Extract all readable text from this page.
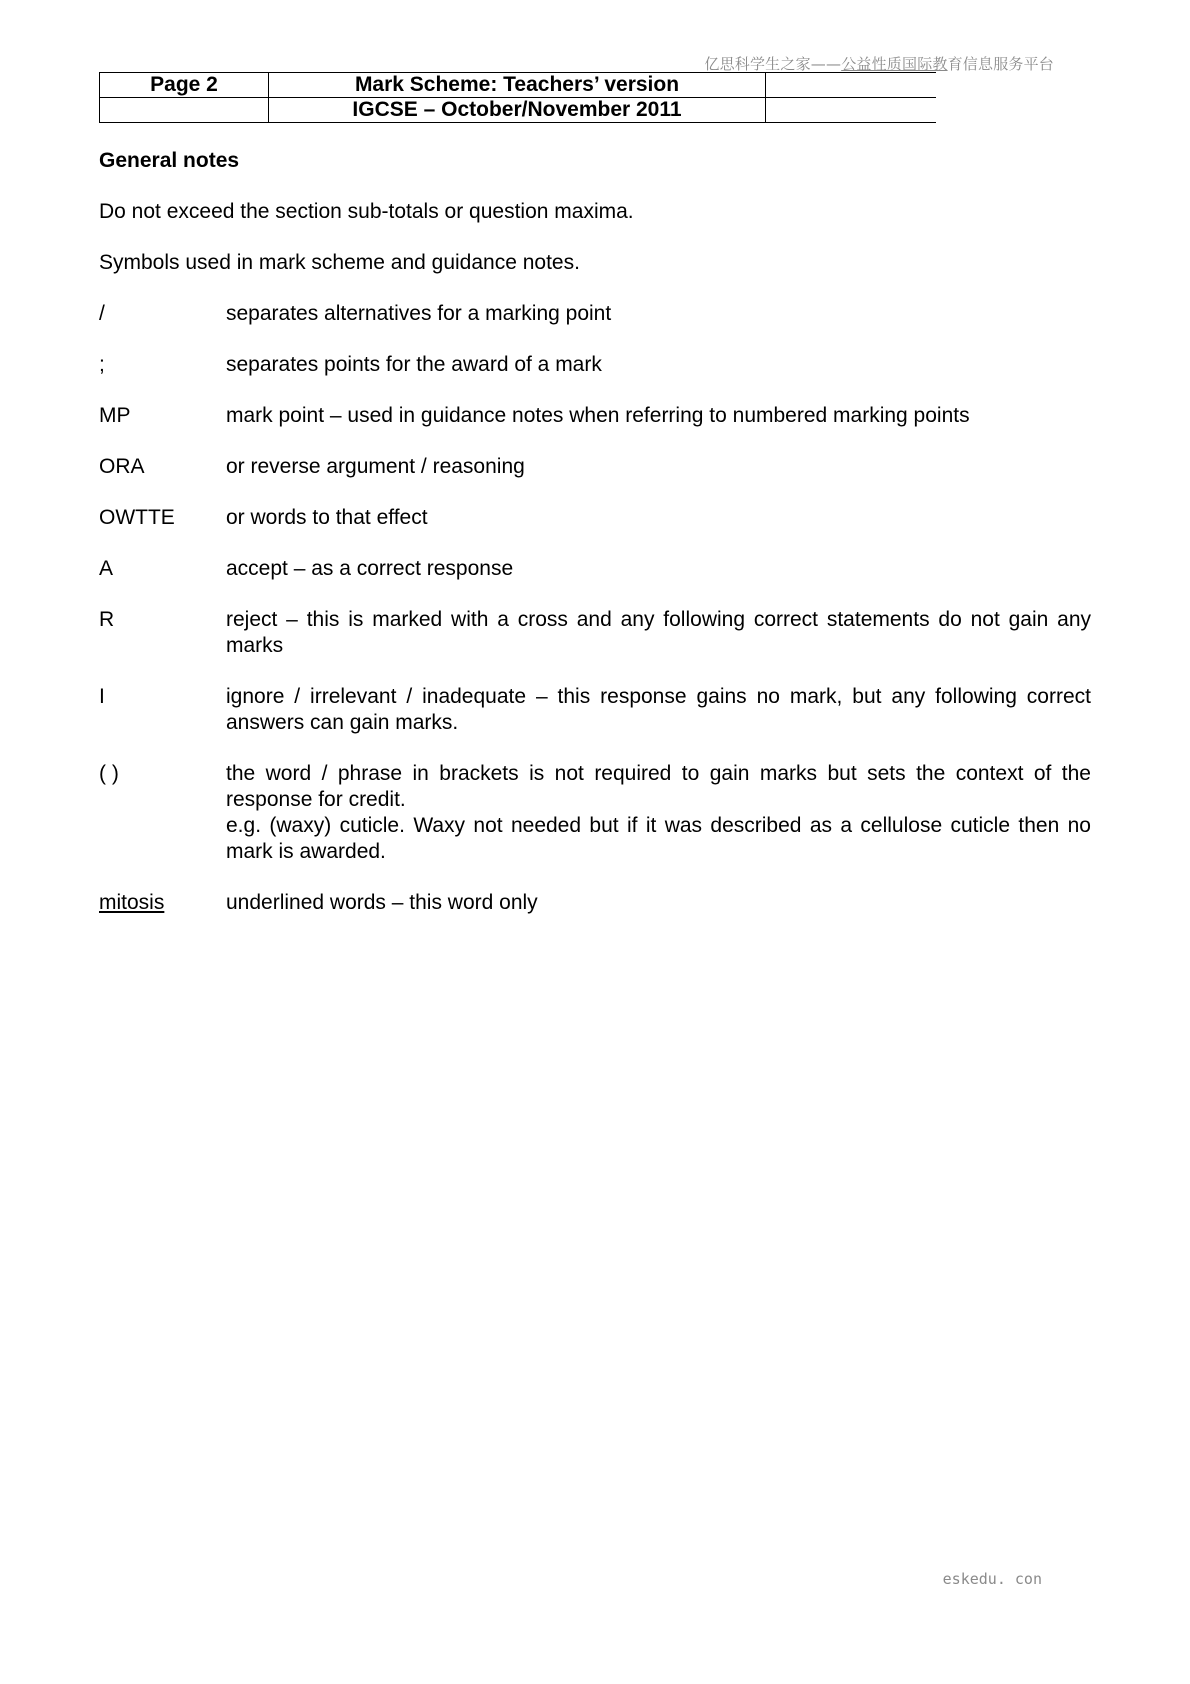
亿思科学生之家——公益性质国际教育信息服务平台
Page 2	Mark Scheme: Teachers’ version	
	IGCSE – October/November 2011	
General notes
Do not exceed the section sub-totals or question maxima.
Symbols used in mark scheme and guidance notes.
/	separates alternatives for a marking point
;	separates points for the award of a mark
MP	mark point – used in guidance notes when referring to numbered marking points
ORA	or reverse argument / reasoning
OWTTE	or words to that effect
A	accept – as a correct response
R	reject – this is marked with a cross and any following correct statements do not gain any marks
I	ignore / irrelevant / inadequate – this response gains no mark, but any following correct answers can gain marks.
( )	the word / phrase in brackets is not required to gain marks but sets the context of the response for credit.
e.g. (waxy) cuticle. Waxy not needed but if it was described as a cellulose cuticle then no mark is awarded.
mitosis	underlined words – this word only
eskedu. con
